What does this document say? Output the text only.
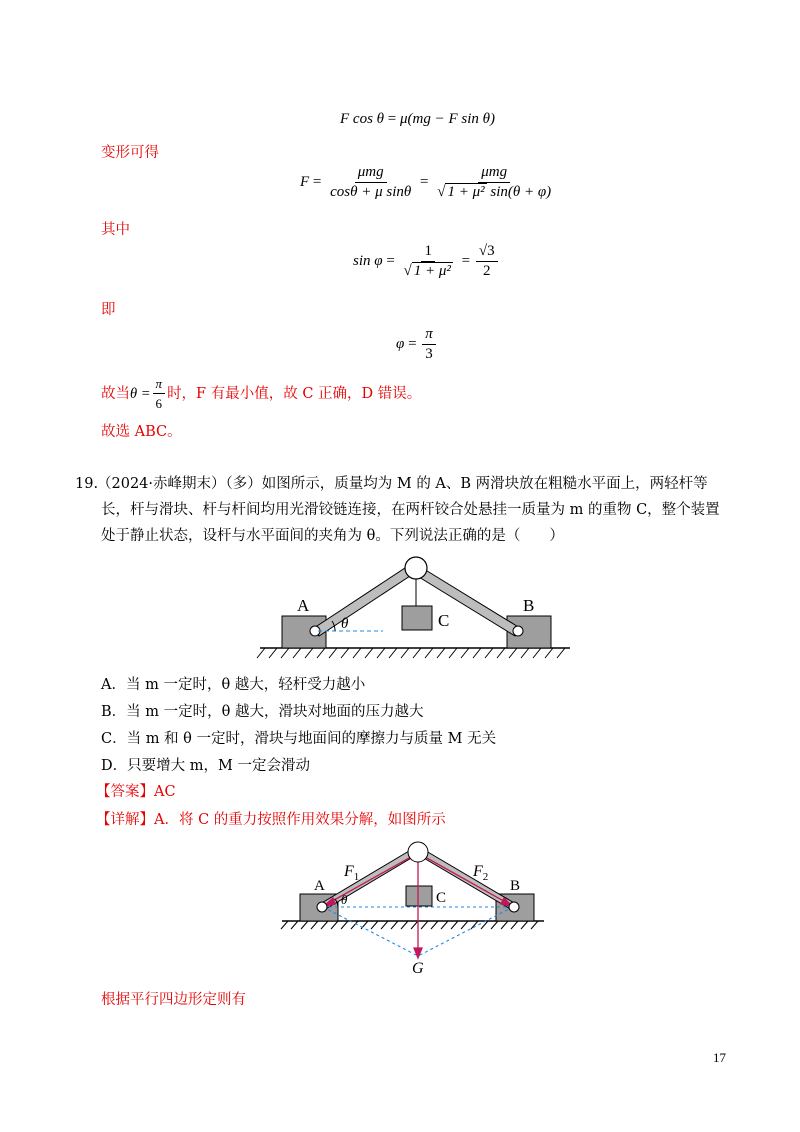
F cos θ = μ(mg − F sin θ)
变形可得
$F = \frac{\text{μmg}}{\text{cosθ + μ sinθ}} = \frac{\text{μmg}}{\text{√ 1 + μ² sin(θ + φ)}}$
其中
$\sin \varphi = \frac{1}{\text{√ 1 + μ²}} = \frac{√3}{2}$
即
$\varphi = \frac{\pi}{3}$
故当 $\theta = \frac{\pi}{6}$ 时，F 有最小值，故 C 正确，D 错误。
故选 ABC。
19.
（2024·赤峰期末）（多）如图所示，质量均为 M 的 A、B 两滑块放在粗糙水平面上，两轻杆等
长，杆与滑块、杆与杆间均用光滑铰链连接，在两杆铰合处悬挂一质量为 m 的重物 C，整个装置
处于静止状态，设杆与水平面间的夹角为 θ。下列说法正确的是（　　）
A	B
C
θ
A．当 m 一定时，θ 越大，轻杆受力越小
B．当 m 一定时，θ 越大，滑块对地面的压力越大
C．当 m 和 θ 一定时，滑块与地面间的摩擦力与质量 M 无关
D．只要增大 m，M 一定会滑动
【答案】AC
【详解】A．将 C 的重力按照作用效果分解，如图所示
A	B
C
θ
$F_1$	$F_2$
G
根据平行四边形定则有
17
